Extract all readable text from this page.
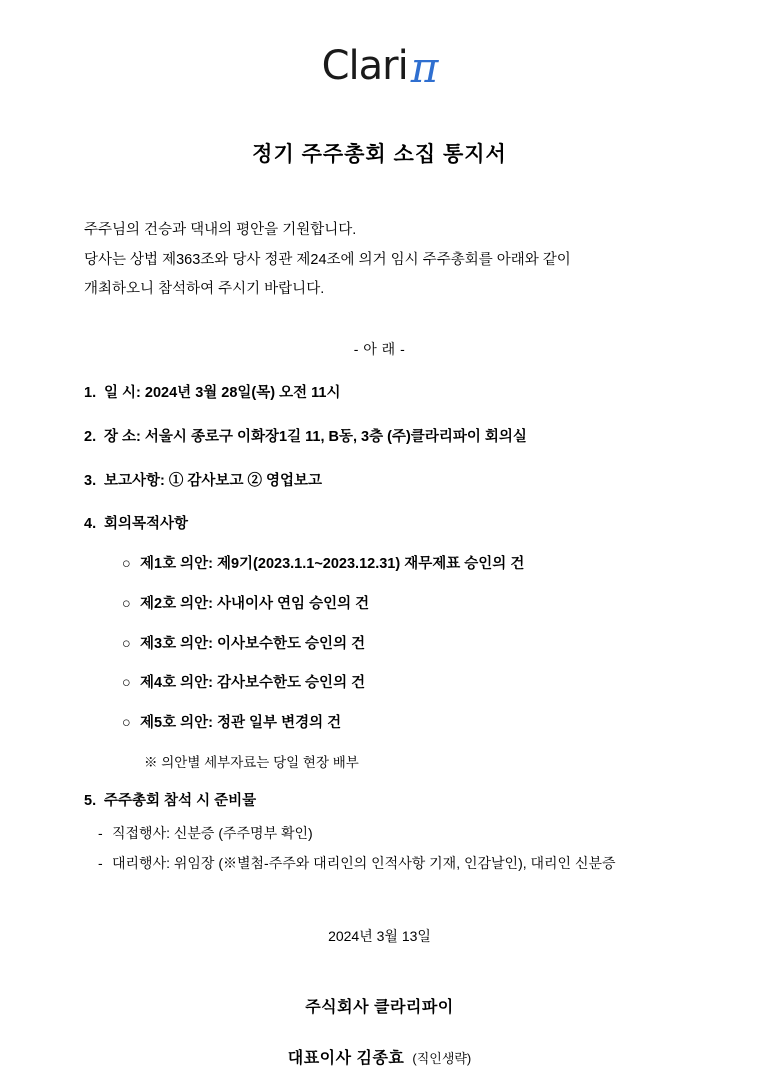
Clariπ
정기 주주총회 소집 통지서
주주님의 건승과 댁내의 평안을 기원합니다.
당사는 상법 제363조와 당사 정관 제24조에 의거 임시 주주총회를 아래와 같이
개최하오니 참석하여 주시기 바랍니다.
- 아 래 -
1. 일 시: 2024년 3월 28일(목) 오전 11시
2. 장 소: 서울시 종로구 이화장1길 11, B동, 3층 (주)클라리파이 회의실
3. 보고사항: ① 감사보고 ② 영업보고
4. 회의목적사항
○ 제1호 의안: 제9기(2023.1.1~2023.12.31) 재무제표 승인의 건
○ 제2호 의안: 사내이사 연임 승인의 건
○ 제3호 의안: 이사보수한도 승인의 건
○ 제4호 의안: 감사보수한도 승인의 건
○ 제5호 의안: 정관 일부 변경의 건
※ 의안별 세부자료는 당일 현장 배부
5. 주주총회 참석 시 준비물
- 직접행사: 신분증 (주주명부 확인)
- 대리행사: 위임장 (※별첨-주주와 대리인의 인적사항 기재, 인감날인), 대리인 신분증
2024년 3월 13일
주식회사 클라리파이
대표이사 김종효 (직인생략)
